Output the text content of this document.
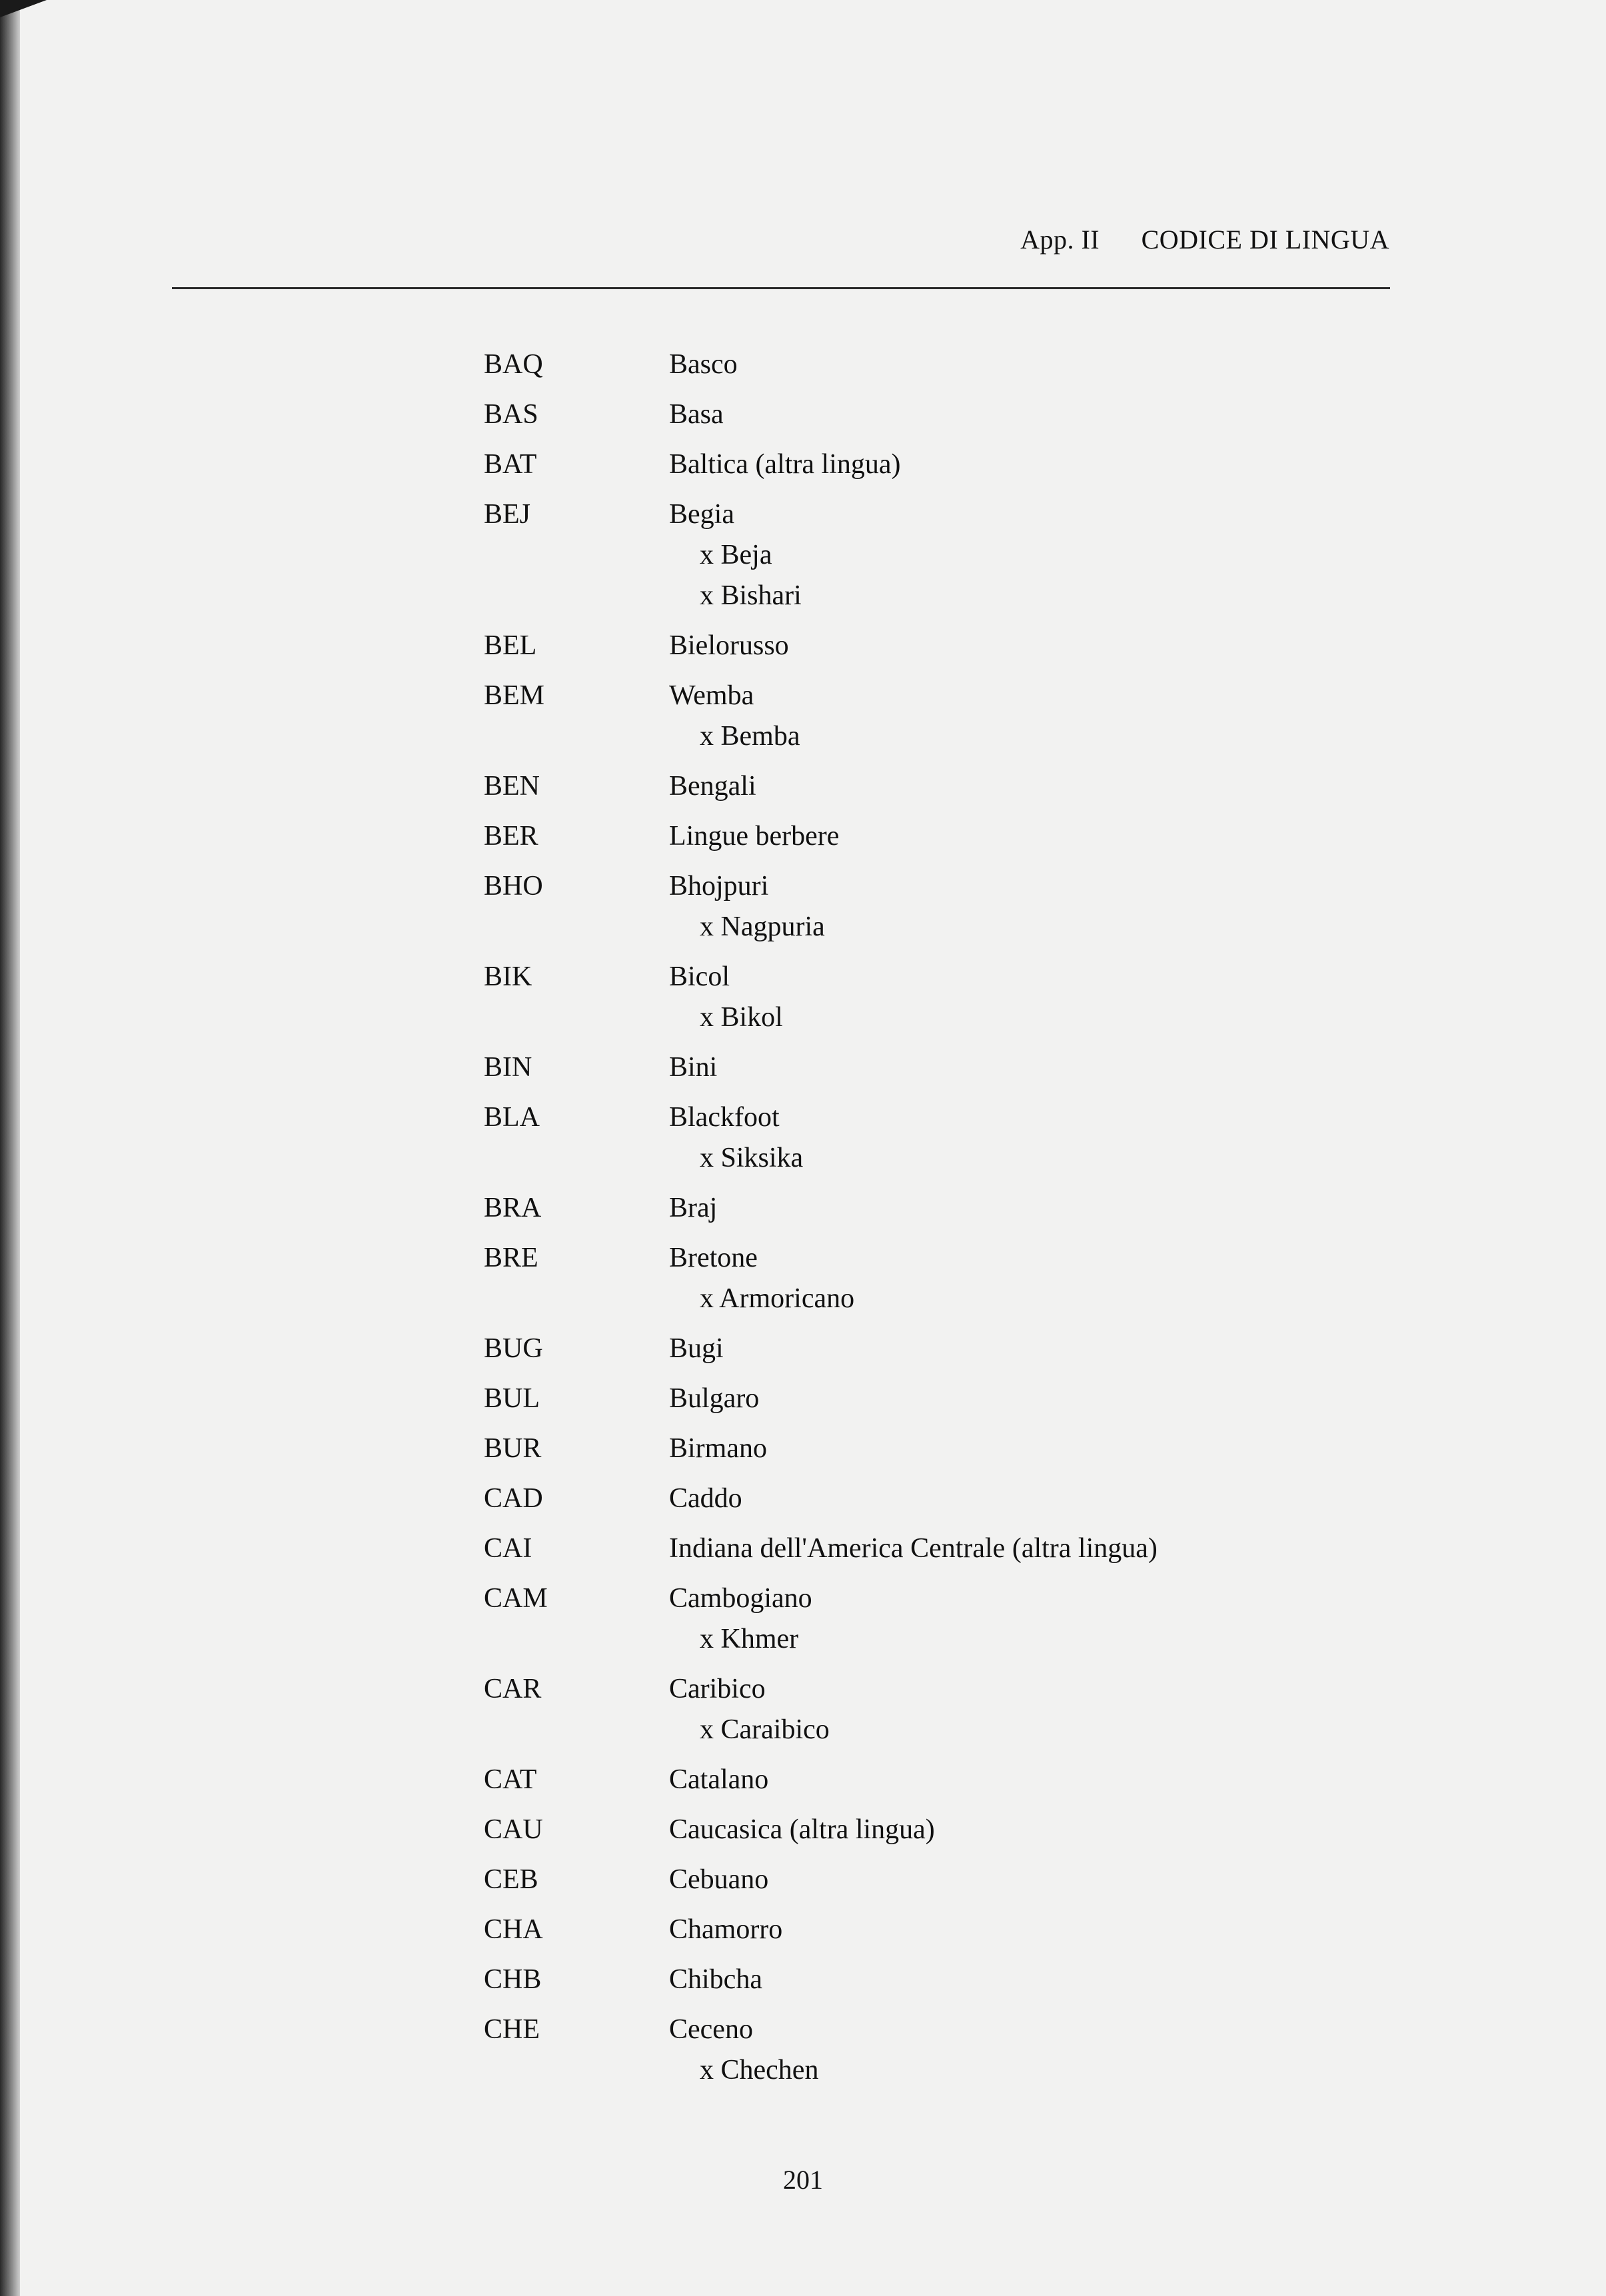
App. II CODICE DI LINGUA
BAQ	Basco
BAS	Basa
BAT	Baltica (altra lingua)
BEJ	Begia
x Beja
x Bishari
BEL	Bielorusso
BEM	Wemba
x Bemba
BEN	Bengali
BER	Lingue berbere
BHO	Bhojpuri
x Nagpuria
BIK	Bicol
x Bikol
BIN	Bini
BLA	Blackfoot
x Siksika
BRA	Braj
BRE	Bretone
x Armoricano
BUG	Bugi
BUL	Bulgaro
BUR	Birmano
CAD	Caddo
CAI	Indiana dell'America Centrale (altra lingua)
CAM	Cambogiano
x Khmer
CAR	Caribico
x Caraibico
CAT	Catalano
CAU	Caucasica (altra lingua)
CEB	Cebuano
CHA	Chamorro
CHB	Chibcha
CHE	Ceceno
x Chechen
201
